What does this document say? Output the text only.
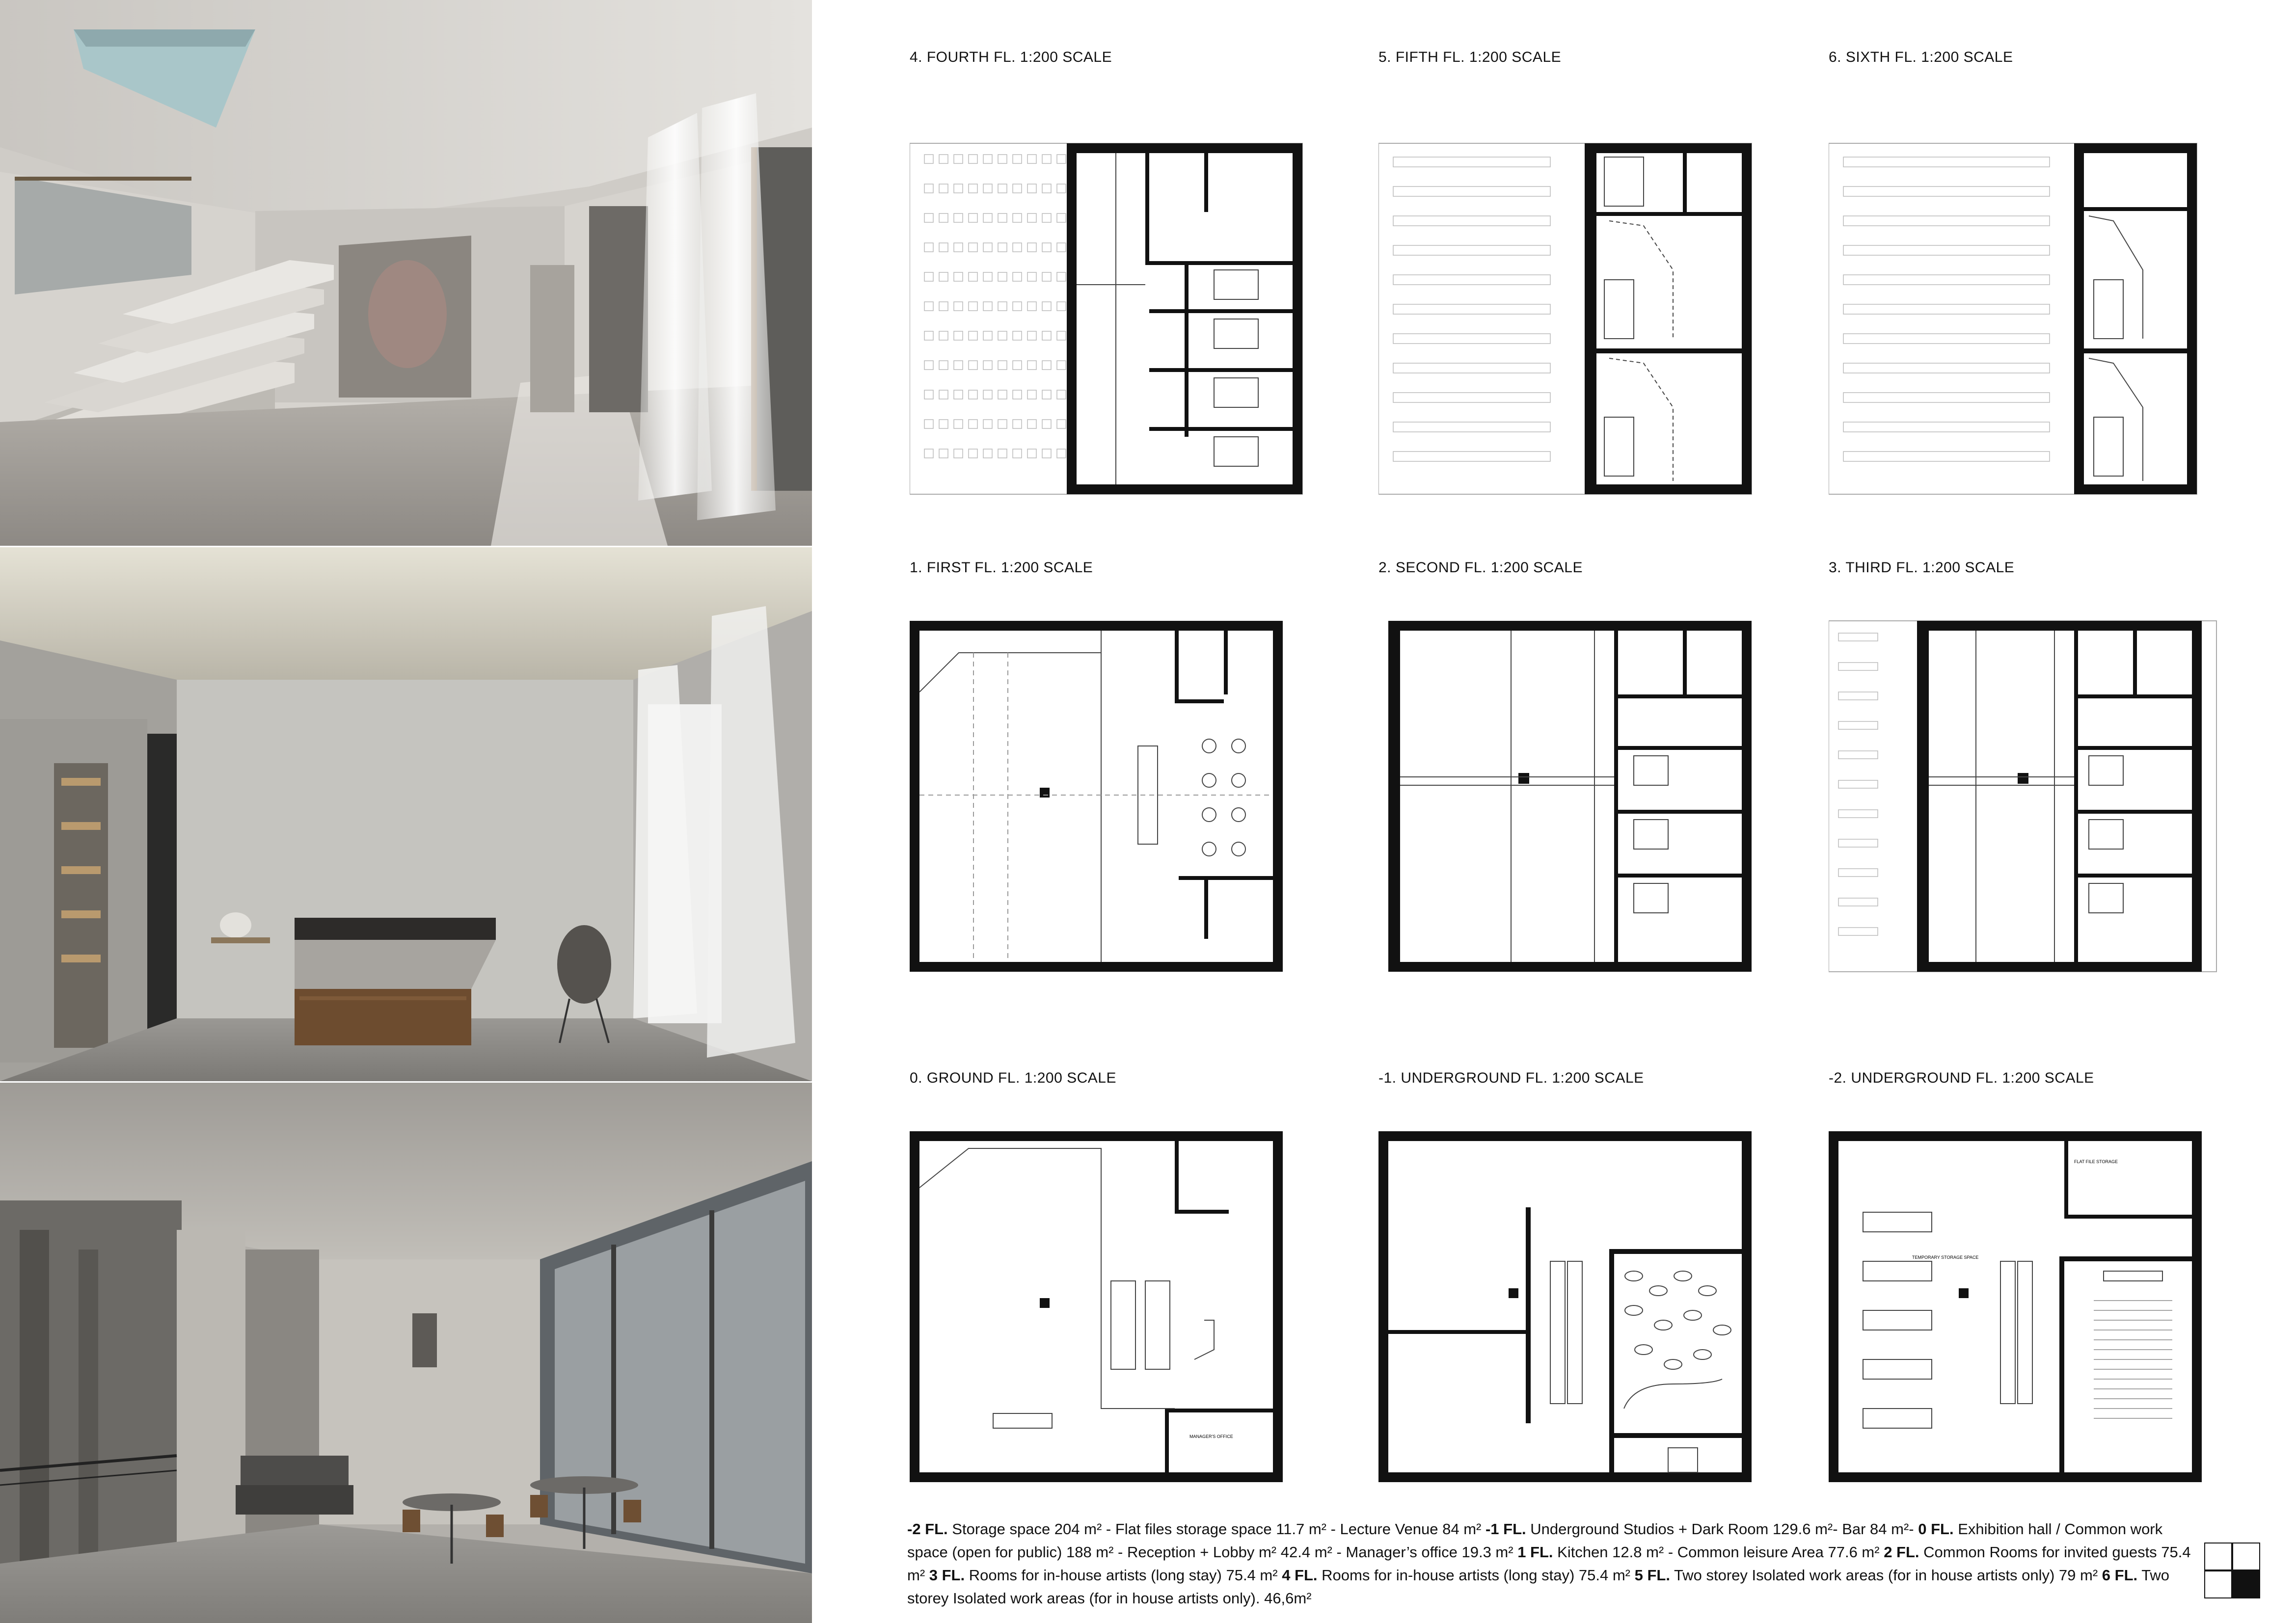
4. FOURTH FL. 1:200 SCALE	5. FIFTH FL. 1:200 SCALE	6. SIXTH FL. 1:200 SCALE
1. FIRST FL. 1:200 SCALE	2. SECOND FL. 1:200 SCALE	3. THIRD FL. 1:200 SCALE
0. GROUND FL. 1:200 SCALE
MANAGER'S OFFICE
-1. UNDERGROUND FL. 1:200 SCALE	-2. UNDERGROUND FL. 1:200 SCALE
FLAT FILE STORAGE
TEMPORARY STORAGE SPACE
-2 FL. Storage space 204 m² - Flat files storage space 11.7 m² - Lecture Venue 84 m² -1 FL. Underground Studios + Dark Room 129.6 m²- Bar 84 m²- 0 FL. Exhibition hall / Common work space (open for public) 188 m² - Reception + Lobby m² 42.4 m² - Manager’s office 19.3 m² 1 FL. Kitchen 12.8 m² - Common leisure Area 77.6 m² 2 FL. Common Rooms for invited guests 75.4 m² 3 FL. Rooms for in-house artists (long stay) 75.4 m² 4 FL. Rooms for in-house artists (long stay) 75.4 m² 5 FL. Two storey Isolated work areas (for in house artists only) 79 m² 6 FL. Two storey Isolated work areas (for in house artists only). 46,6m²
